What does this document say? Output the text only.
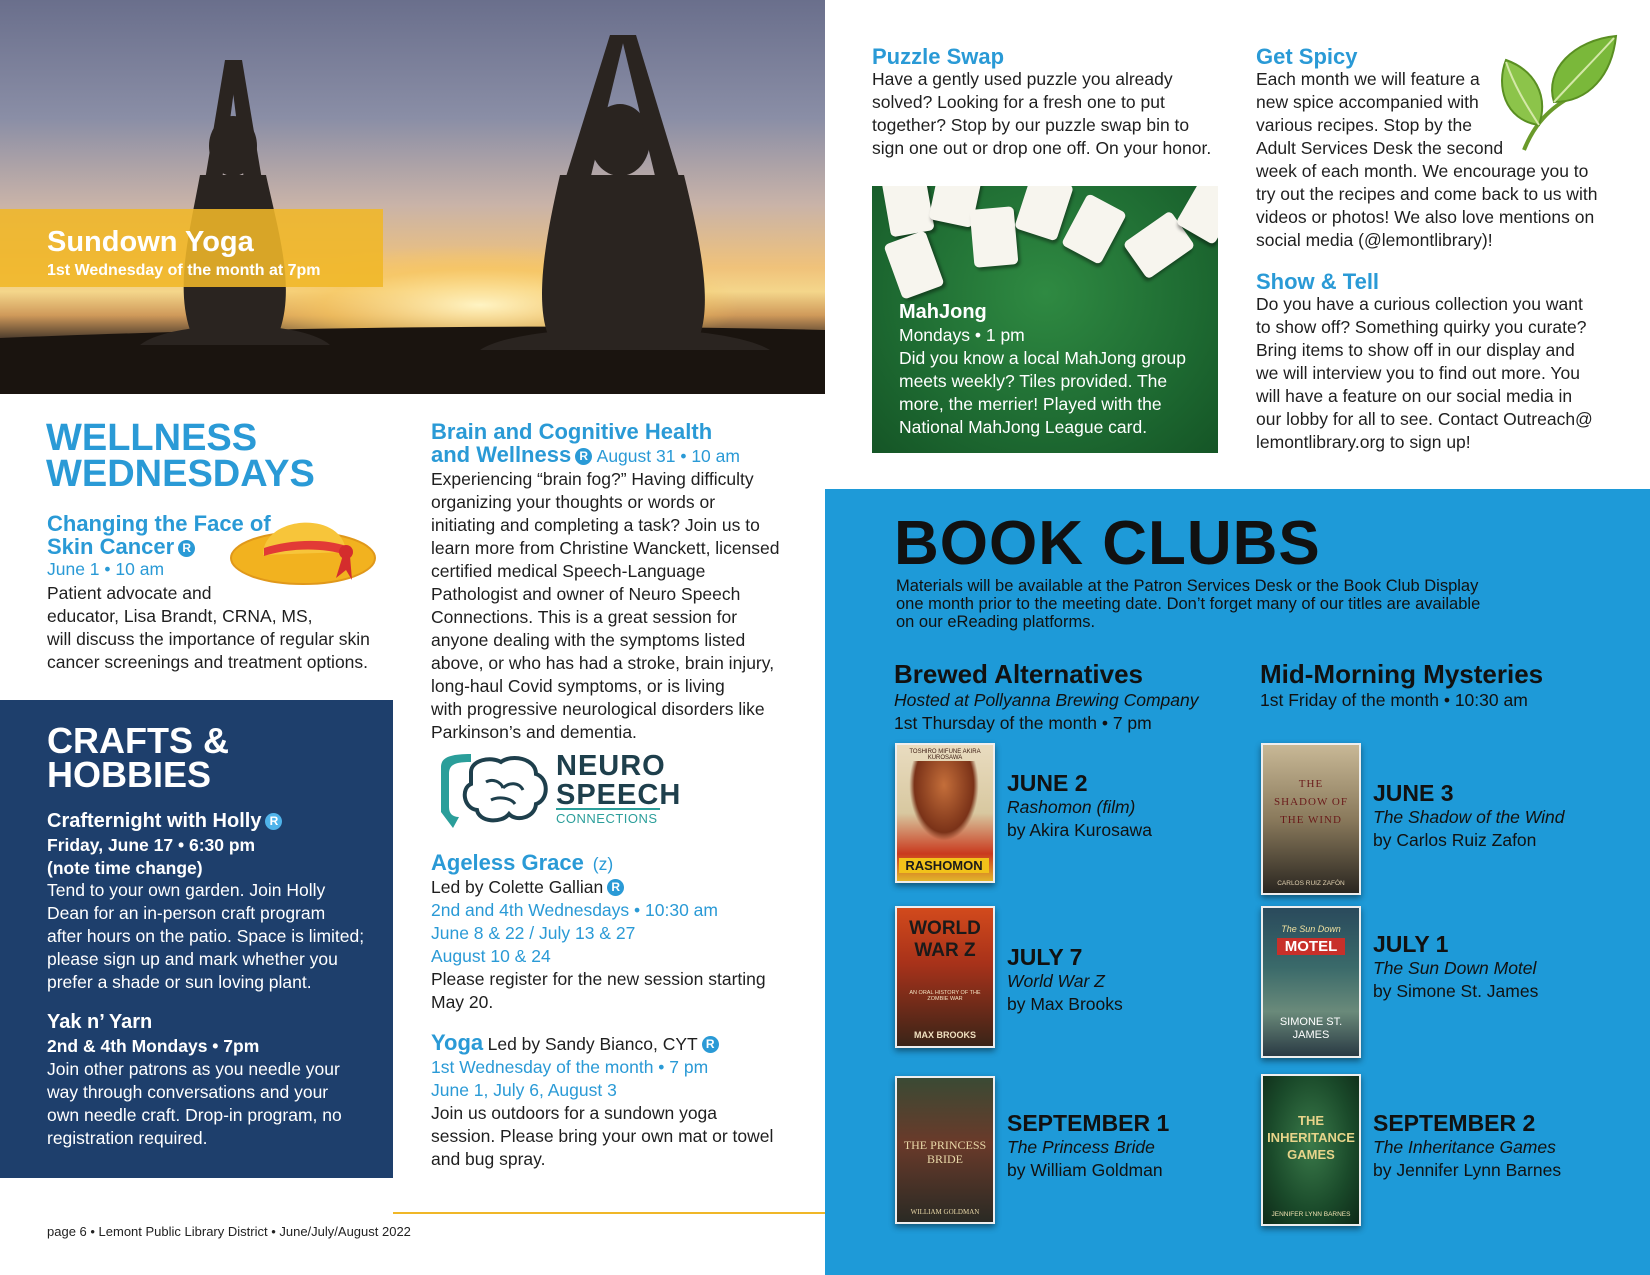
Sundown Yoga
1st Wednesday of the month at 7pm
WELLNESS
WEDNESDAYS
Changing the Face of
Skin Cancer R
June 1 • 10 am
Patient advocate and
educator, Lisa Brandt, CRNA, MS,
will discuss the importance of regular skin
cancer screenings and treatment options.
Brain and Cognitive Health
and Wellness R August 31 • 10 am
Experiencing “brain fog?” Having difficulty
organizing your thoughts or words or
initiating and completing a task? Join us to
learn more from Christine Wanckett, licensed
certified medical Speech-Language
Pathologist and owner of Neuro Speech
Connections. This is a great session for
anyone dealing with the symptoms listed
above, or who has had a stroke, brain injury,
long-haul Covid symptoms, or is living
with progressive neurological disorders like
Parkinson’s and dementia.
NEURO
SPEECH
CONNECTIONS
Ageless Grace (z)
Led by Colette Gallian R
2nd and 4th Wednesdays • 10:30 am
June 8 & 22 / July 13 & 27
August 10 & 24
Please register for the new session starting
May 20.
Yoga Led by Sandy Bianco, CYT R
1st Wednesday of the month • 7 pm
June 1, July 6, August 3
Join us outdoors for a sundown yoga
session. Please bring your own mat or towel
and bug spray.
CRAFTS &
HOBBIES
Crafternight with Holly R
Friday, June 17 • 6:30 pm
(note time change)
Tend to your own garden. Join Holly
Dean for an in-person craft program
after hours on the patio. Space is limited;
please sign up and mark whether you
prefer a shade or sun loving plant.
Yak n’ Yarn
2nd & 4th Mondays • 7pm
Join other patrons as you needle your
way through conversations and your
own needle craft. Drop-in program, no
registration required.
page 6 • Lemont Public Library District • June/July/August 2022
Puzzle Swap
Have a gently used puzzle you already
solved? Looking for a fresh one to put
together? Stop by our puzzle swap bin to
sign one out or drop one off. On your honor.
MahJong
Mondays • 1 pm
Did you know a local MahJong group
meets weekly? Tiles provided. The
more, the merrier! Played with the
National MahJong League card.
Get Spicy
Each month we will feature a
new spice accompanied with
various recipes. Stop by the
Adult Services Desk the second
week of each month. We encourage you to
try out the recipes and come back to us with
videos or photos! We also love mentions on
social media (@lemontlibrary)!
Show & Tell
Do you have a curious collection you want
to show off? Something quirky you curate?
Bring items to show off in our display and
we will interview you to find out more. You
will have a feature on our social media in
our lobby for all to see. Contact Outreach@
lemontlibrary.org to sign up!
BOOK CLUBS
Materials will be available at the Patron Services Desk or the Book Club Display
one month prior to the meeting date. Don’t forget many of our titles are available
on our eReading platforms.
Brewed Alternatives
Hosted at Pollyanna Brewing Company
1st Thursday of the month • 7 pm
Mid-Morning Mysteries
1st Friday of the month • 10:30 am
TOSHIRO MIFUNE AKIRA KUROSAWA
RASHOMON
JUNE 2
Rashomon (film)
by Akira Kurosawa
WORLD WAR Z
AN ORAL HISTORY OF THE ZOMBIE WAR
MAX BROOKS
JULY 7
World War Z
by Max Brooks
THE PRINCESS BRIDE
WILLIAM GOLDMAN
SEPTEMBER 1
The Princess Bride
by William Goldman
THE SHADOW OF THE WIND
CARLOS RUIZ ZAFÓN
JUNE 3
The Shadow of the Wind
by Carlos Ruiz Zafon
The Sun Down
MOTEL
SIMONE ST. JAMES
JULY 1
The Sun Down Motel
by Simone St. James
THE INHERITANCE GAMES
JENNIFER LYNN BARNES
SEPTEMBER 2
The Inheritance Games
by Jennifer Lynn Barnes
